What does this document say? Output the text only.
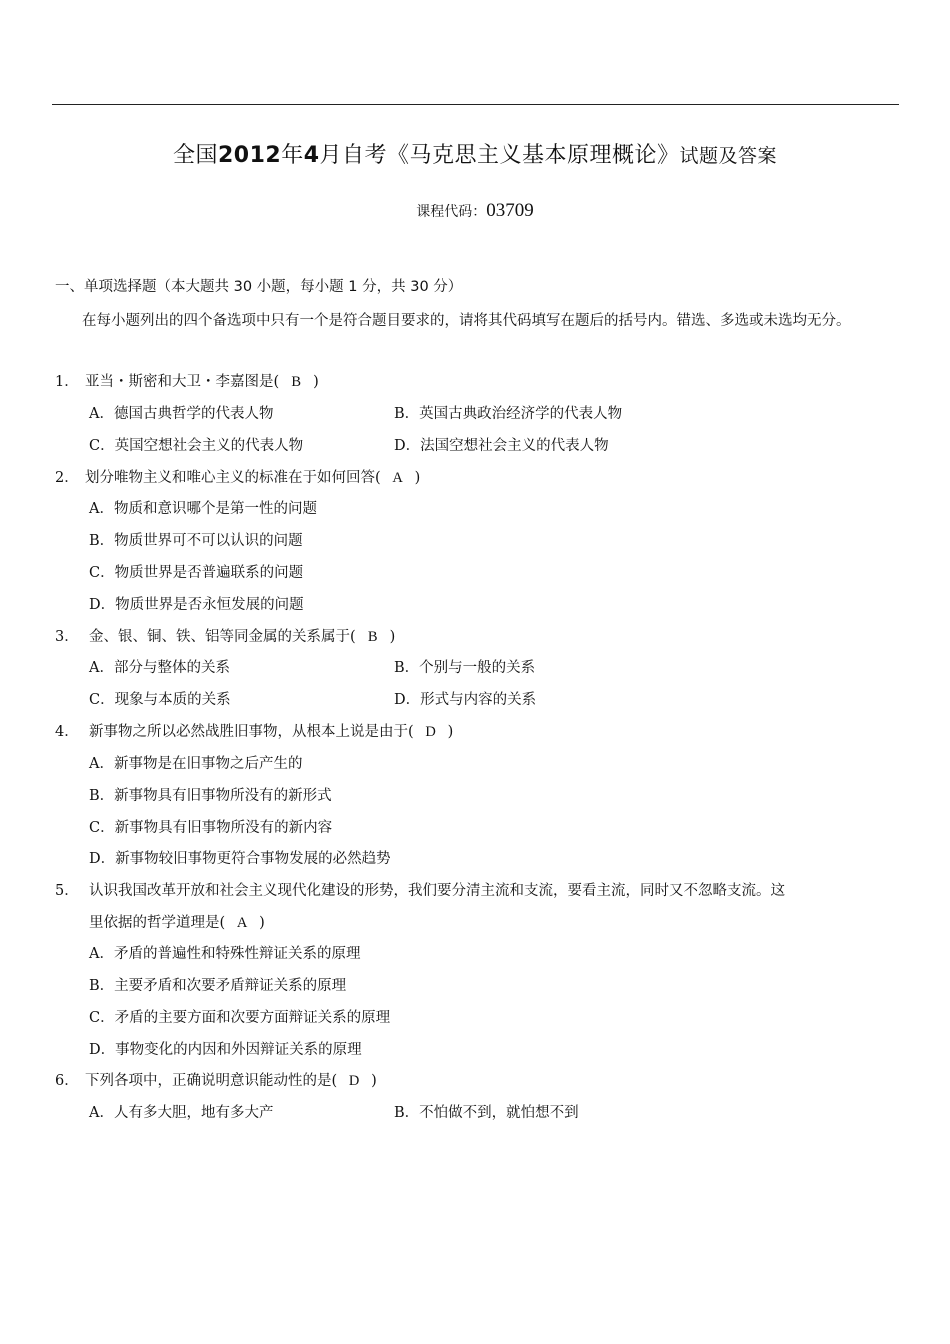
全国2012年4月自考《马克思主义基本原理概论》试题及答案
课程代码：03709
一、单项选择题（本大题共 30 小题，每小题 1 分，共 30 分）
在每小题列出的四个备选项中只有一个是符合题目要求的，请将其代码填写在题后的括号内。错选、多选或未选均无分。
1． 亚当・斯密和大卫・李嘉图是( B )
A．德国古典哲学的代表人物	B．英国古典政治经济学的代表人物
C．英国空想社会主义的代表人物	D．法国空想社会主义的代表人物
2． 划分唯物主义和唯心主义的标准在于如何回答( A )
A．物质和意识哪个是第一性的问题
B．物质世界可不可以认识的问题
C．物质世界是否普遍联系的问题
D．物质世界是否永恒发展的问题
3． 金、银、铜、铁、铝等同金属的关系属于( B )
A．部分与整体的关系	B．个别与一般的关系
C．现象与本质的关系	D．形式与内容的关系
4． 新事物之所以必然战胜旧事物，从根本上说是由于( D )
A．新事物是在旧事物之后产生的
B．新事物具有旧事物所没有的新形式
C．新事物具有旧事物所没有的新内容
D．新事物较旧事物更符合事物发展的必然趋势
5． 认识我国改革开放和社会主义现代化建设的形势，我们要分清主流和支流，要看主流，同时又不忽略支流。这
里依据的哲学道理是( A )
A．矛盾的普遍性和特殊性辩证关系的原理
B．主要矛盾和次要矛盾辩证关系的原理
C．矛盾的主要方面和次要方面辩证关系的原理
D．事物变化的内因和外因辩证关系的原理
6． 下列各项中，正确说明意识能动性的是( D )
A．人有多大胆，地有多大产	B．不怕做不到，就怕想不到
